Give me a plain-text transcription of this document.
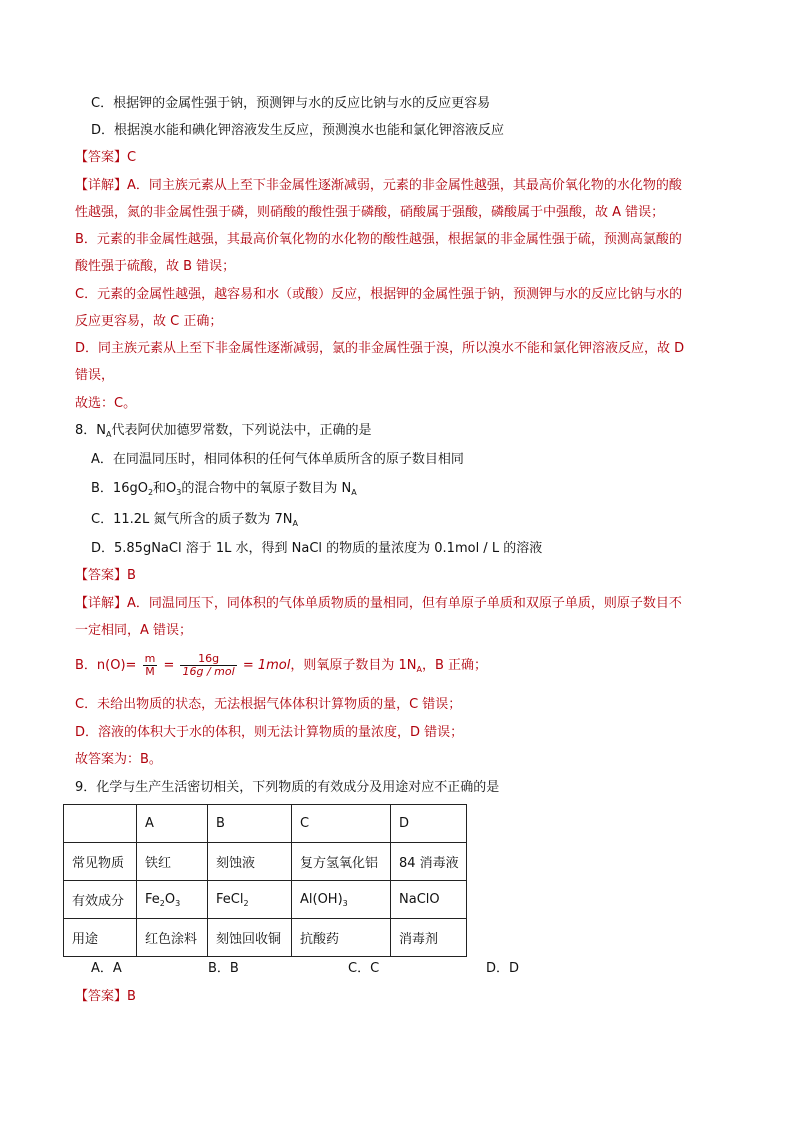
C．根据钾的金属性强于钠，预测钾与水的反应比钠与水的反应更容易
D．根据溴水能和碘化钾溶液发生反应，预测溴水也能和氯化钾溶液反应
【答案】C
【详解】A．同主族元素从上至下非金属性逐渐减弱，元素的非金属性越强，其最高价氧化物的水化物的酸
性越强，氮的非金属性强于磷，则硝酸的酸性强于磷酸，硝酸属于强酸，磷酸属于中强酸，故 A 错误；
B．元素的非金属性越强，其最高价氧化物的水化物的酸性越强，根据氯的非金属性强于硫，预测高氯酸的
酸性强于硫酸，故 B 错误；
C．元素的金属性越强，越容易和水（或酸）反应，根据钾的金属性强于钠，预测钾与水的反应比钠与水的
反应更容易，故 C 正确；
D．同主族元素从上至下非金属性逐渐减弱，氯的非金属性强于溴，所以溴水不能和氯化钾溶液反应，故 D
错误，
故选：C。
8．$N_A$代表阿伏加德罗常数，下列说法中，正确的是
A．在同温同压时，相同体积的任何气体单质所含的原子数目相同
B．$16gO_2$和$O_3$的混合物中的氧原子数目为 $N_A$
C．11.2L 氮气所含的质子数为 $7N_A$
D．5.85gNaCl 溶于 1L 水，得到 NaCl 的物质的量浓度为 0.1mol / L 的溶液
【答案】B
【详解】A．同温同压下，同体积的气体单质物质的量相同，但有单原子单质和双原子单质，则原子数目不
一定相同，A 错误；
B．$n(O)= \frac{m}{M} = \frac{16g}{\text{16g / mol}} = 1mol$，则氧原子数目为 $1N_A$，B 正确；
C．未给出物质的状态，无法根据气体体积计算物质的量，C 错误；
D．溶液的体积大于水的体积，则无法计算物质的量浓度，D 错误；
故答案为：B。
9．化学与生产生活密切相关，下列物质的有效成分及用途对应不正确的是
	A	B	C	D
常见物质	铁红	刻蚀液	复方氢氧化铝	84 消毒液
有效成分	$Fe_2O_3$	FeCl$_2$	$Al(OH)_3$	NaClO
用途	红色涂料	刻蚀回收铜	抗酸药	消毒剂
A．A	B．B	C．C	D．D
【答案】B
